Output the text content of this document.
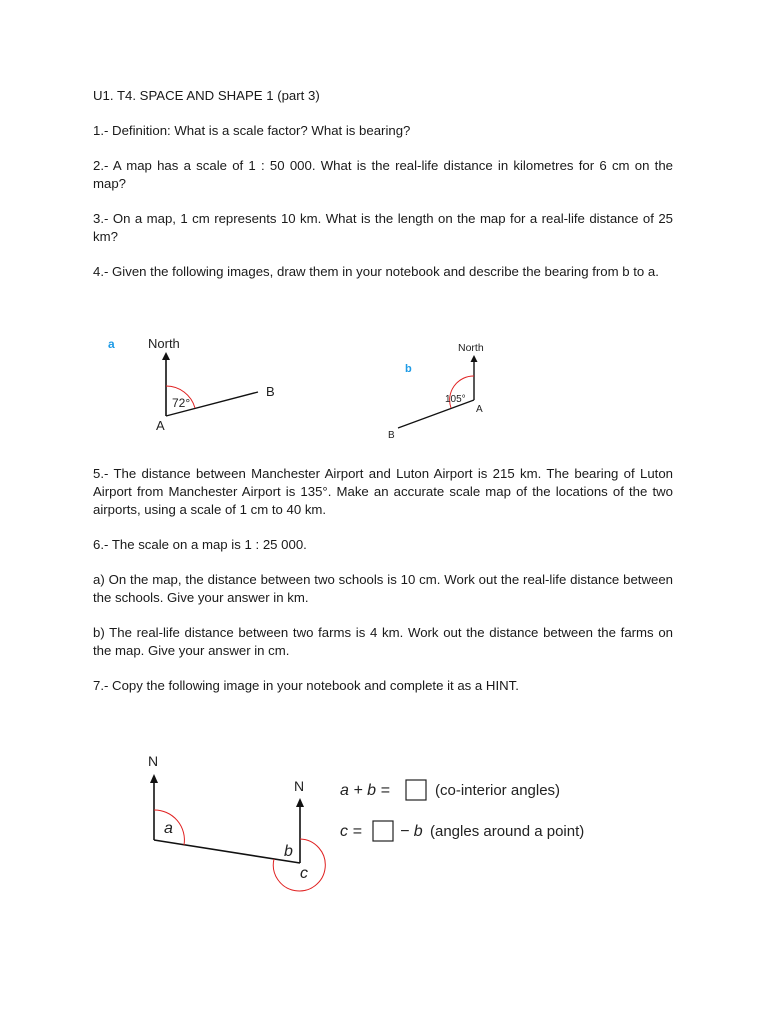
U1. T4. SPACE AND SHAPE 1 (part 3)

1.- Definition: What is a scale factor? What is bearing?

2.- A map has a scale of 1 : 50 000. What is the real-life distance in kilometres for 6 cm on the map?

3.- On a map, 1 cm represents 10 km. What is the length on the map for a real-life distance of 25 km?

4.- Given the following images, draw them in your notebook and describe the bearing from b to a.

a	North
72°
A
B
North
b
105°
A
B

5.- The distance between Manchester Airport and Luton Airport is 215 km. The bearing of Luton Airport from Manchester Airport is 135°. Make an accurate scale map of the locations of the two airports, using a scale of 1 cm to 40 km.

6.- The scale on a map is 1 : 25 000.

a) On the map, the distance between two schools is 10 cm. Work out the real-life distance between the schools. Give your answer in km.

b) The real-life distance between two farms is 4 km. Work out the distance between the farms on the map. Give your answer in cm.

7.- Copy the following image in your notebook and complete it as a HINT.

N
N
a
b
c
a + b =	(co-interior angles)
c = − b (angles around a point)
